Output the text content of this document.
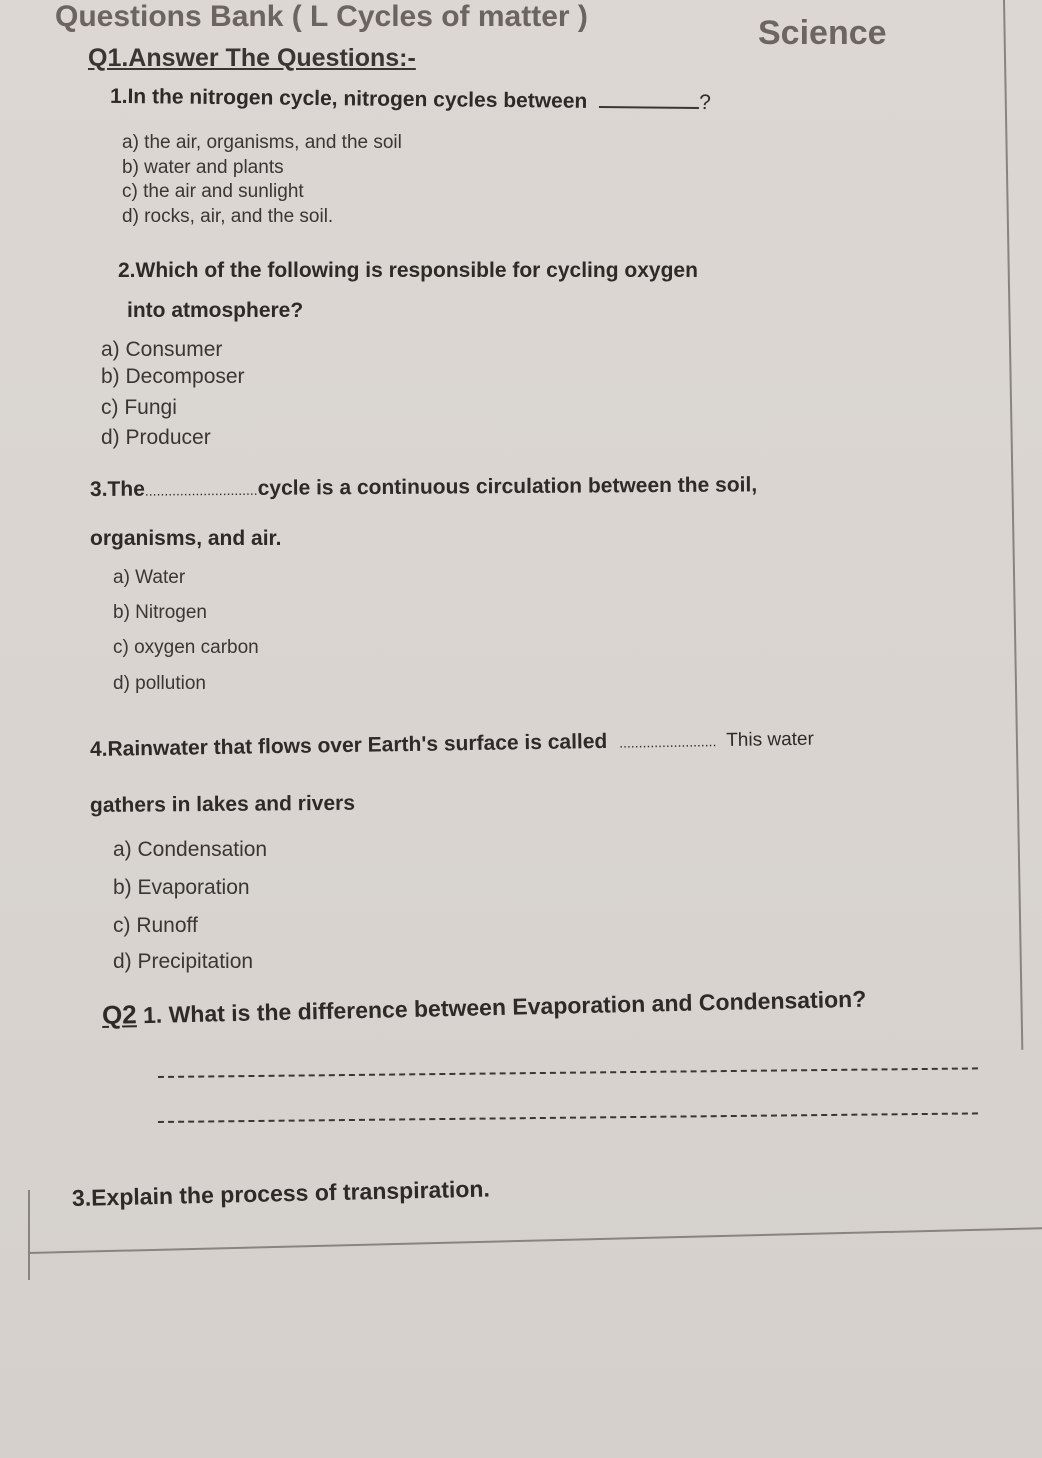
Questions Bank ( L Cycles of matter )	Science
Q1.Answer The Questions:-
1.In the nitrogen cycle, nitrogen cycles between	?
a) the air, organisms, and the soil
b) water and plants
c) the air and sunlight
d) rocks, air, and the soil.
2.Which of the following is responsible for cycling oxygen
into atmosphere?
a) Consumer
b) Decomposer
c) Fungi
d) Producer
3.The.............................cycle is a continuous circulation between the soil,
organisms, and air.
a) Water
b) Nitrogen
c) oxygen carbon
d) pollution
4.Rainwater that flows over Earth's surface is called ......................... This water
gathers in lakes and rivers
a) Condensation
b) Evaporation
c) Runoff
d) Precipitation
Q2 1. What is the difference between Evaporation and Condensation?
3.Explain the process of transpiration.
